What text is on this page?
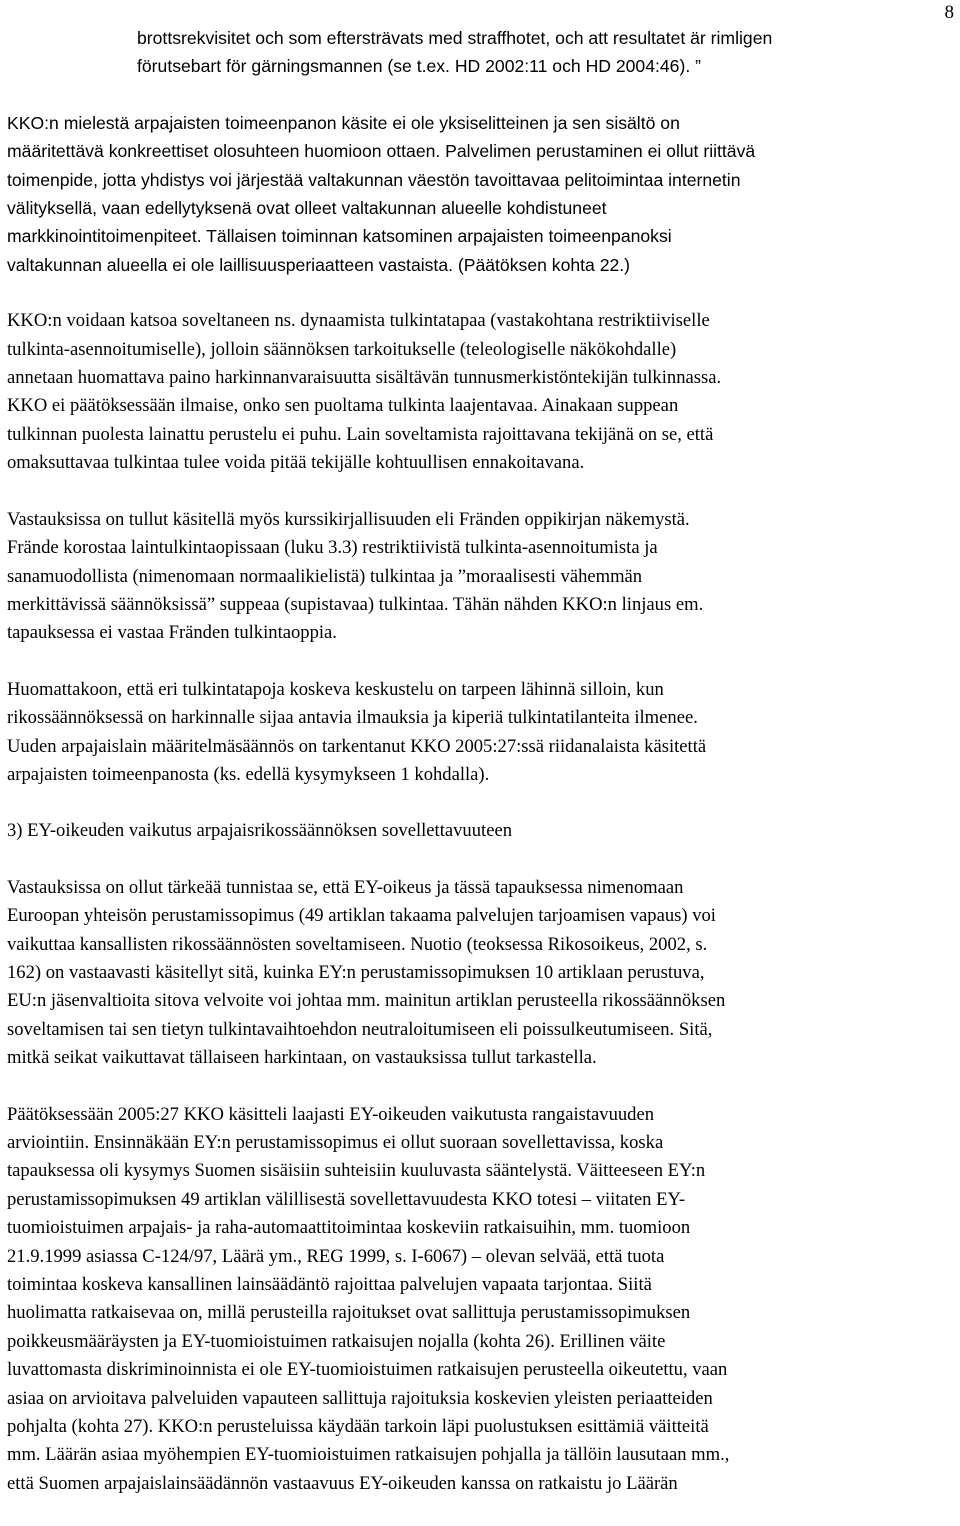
8
brottsrekvisitet och som eftersträvats med straffhotet, och att resultatet är rimligen
förutsebart för gärningsmannen (se t.ex. HD 2002:11 och HD 2004:46). ”
KKO:n mielestä arpajaisten toimeenpanon käsite ei ole yksiselitteinen ja sen sisältö on
määritettävä konkreettiset olosuhteen huomioon ottaen. Palvelimen perustaminen ei ollut riittävä
toimenpide, jotta yhdistys voi järjestää valtakunnan väestön tavoittavaa pelitoimintaa internetin
välityksellä, vaan edellytyksenä ovat olleet valtakunnan alueelle kohdistuneet
markkinointitoimenpiteet. Tällaisen toiminnan katsominen arpajaisten toimeenpanoksi
valtakunnan alueella ei ole laillisuusperiaatteen vastaista. (Päätöksen kohta 22.)
KKO:n voidaan katsoa soveltaneen ns. dynaamista tulkintatapaa (vastakohtana restriktiiviselle
tulkinta-asennoitumiselle), jolloin säännöksen tarkoitukselle (teleologiselle näkökohdalle)
annetaan huomattava paino harkinnanvaraisuutta sisältävän tunnusmerkistöntekijän tulkinnassa.
KKO ei päätöksessään ilmaise, onko sen puoltama tulkinta laajentavaa. Ainakaan suppean
tulkinnan puolesta lainattu perustelu ei puhu. Lain soveltamista rajoittavana tekijänä on se, että
omaksuttavaa tulkintaa tulee voida pitää tekijälle kohtuullisen ennakoitavana.
Vastauksissa on tullut käsitellä myös kurssikirjallisuuden eli Fränden oppikirjan näkemystä.
Frände korostaa laintulkintaopissaan (luku 3.3) restriktiivistä tulkinta-asennoitumista ja
sanamuodollista (nimenomaan normaalikielistä) tulkintaa ja ”moraalisesti vähemmän
merkittävissä säännöksissä” suppeaa (supistavaa) tulkintaa. Tähän nähden KKO:n linjaus em.
tapauksessa ei vastaa Fränden tulkintaoppia.
Huomattakoon, että eri tulkintatapoja koskeva keskustelu on tarpeen lähinnä silloin, kun
rikossäännöksessä on harkinnalle sijaa antavia ilmauksia ja kiperiä tulkintatilanteita ilmenee.
Uuden arpajaislain määritelmäsäännös on tarkentanut KKO 2005:27:ssä riidanalaista käsitettä
arpajaisten toimeenpanosta (ks. edellä kysymykseen 1 kohdalla).
3) EY-oikeuden vaikutus arpajaisrikossäännöksen sovellettavuuteen
Vastauksissa on ollut tärkeää tunnistaa se, että EY-oikeus ja tässä tapauksessa nimenomaan
Euroopan yhteisön perustamissopimus (49 artiklan takaama palvelujen tarjoamisen vapaus) voi
vaikuttaa kansallisten rikossäännösten soveltamiseen. Nuotio (teoksessa Rikosoikeus, 2002, s.
162) on vastaavasti käsitellyt sitä, kuinka EY:n perustamissopimuksen 10 artiklaan perustuva,
EU:n jäsenvaltioita sitova velvoite voi johtaa mm. mainitun artiklan perusteella rikossäännöksen
soveltamisen tai sen tietyn tulkintavaihtoehdon neutraloitumiseen eli poissulkeutumiseen. Sitä,
mitkä seikat vaikuttavat tällaiseen harkintaan, on vastauksissa tullut tarkastella.
Päätöksessään 2005:27 KKO käsitteli laajasti EY-oikeuden vaikutusta rangaistavuuden
arviointiin. Ensinnäkään EY:n perustamissopimus ei ollut suoraan sovellettavissa, koska
tapauksessa oli kysymys Suomen sisäisiin suhteisiin kuuluvasta sääntelystä. Väitteeseen EY:n
perustamissopimuksen 49 artiklan välillisestä sovellettavuudesta KKO totesi – viitaten EY-
tuomioistuimen arpajais- ja raha-automaattitoimintaa koskeviin ratkaisuihin, mm. tuomioon
21.9.1999 asiassa C-124/97, Läärä ym., REG 1999, s. I-6067) – olevan selvää, että tuota
toimintaa koskeva kansallinen lainsäädäntö rajoittaa palvelujen vapaata tarjontaa. Siitä
huolimatta ratkaisevaa on, millä perusteilla rajoitukset ovat sallittuja perustamissopimuksen
poikkeusmääräysten ja EY-tuomioistuimen ratkaisujen nojalla (kohta 26). Erillinen väite
luvattomasta diskriminoinnista ei ole EY-tuomioistuimen ratkaisujen perusteella oikeutettu, vaan
asiaa on arvioitava palveluiden vapauteen sallittuja rajoituksia koskevien yleisten periaatteiden
pohjalta (kohta 27). KKO:n perusteluissa käydään tarkoin läpi puolustuksen esittämiä väitteitä
mm. Läärän asiaa myöhempien EY-tuomioistuimen ratkaisujen pohjalla ja tällöin lausutaan mm.,
että Suomen arpajaislainsäädännön vastaavuus EY-oikeuden kanssa on ratkaistu jo Läärän
